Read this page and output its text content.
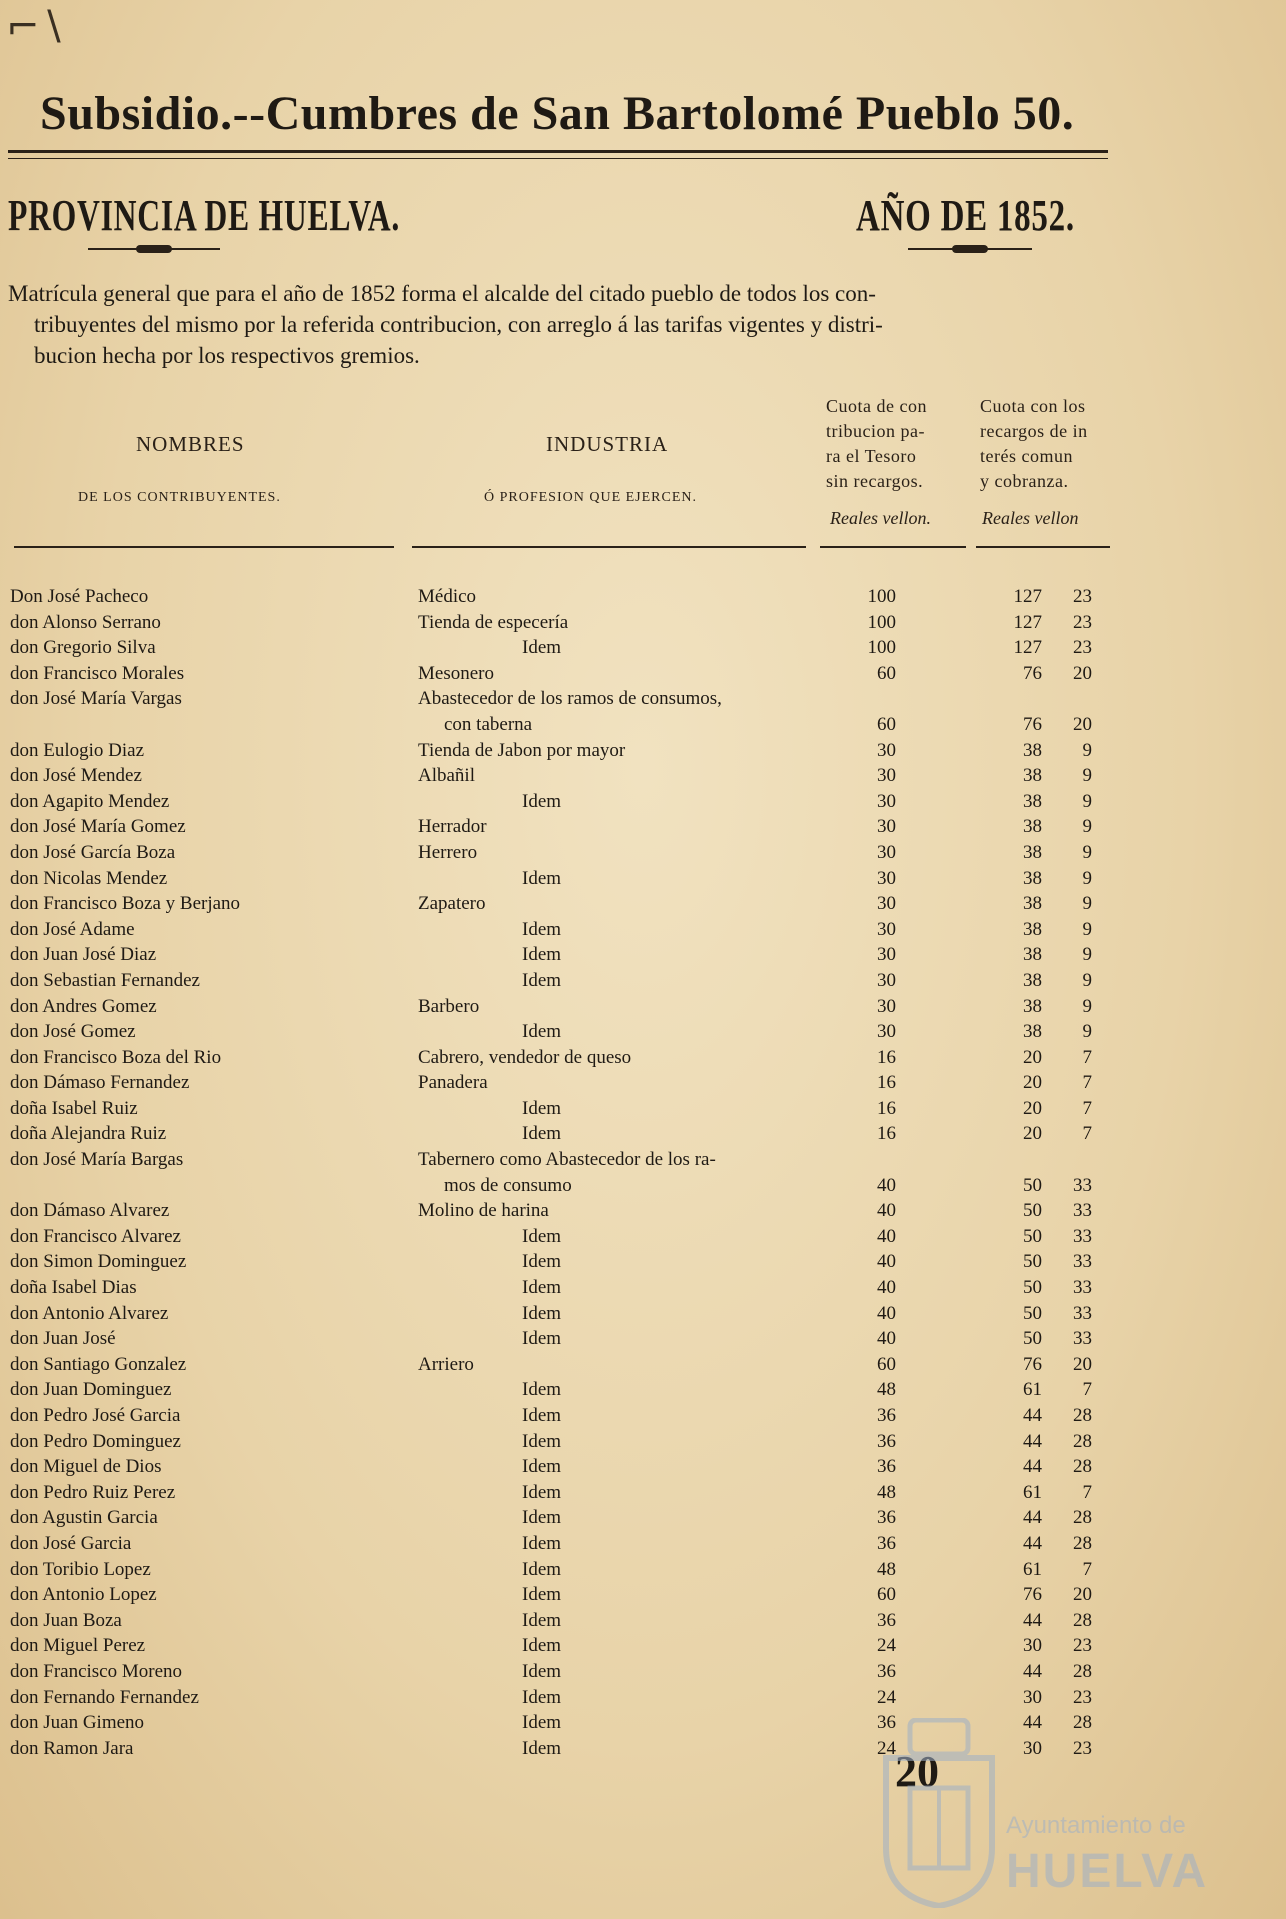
⌐∖
Subsidio.--Cumbres de San Bartolomé Pueblo 50.
PROVINCIA DE HUELVA.	AÑO DE 1852.
Matrícula general que para el año de 1852 forma el alcalde del citado pueblo de todos los con-
tribuyentes del mismo por la referida contribucion, con arreglo á las tarifas vigentes y distri-
bucion hecha por los respectivos gremios.
NOMBRES
DE LOS CONTRIBUYENTES.
INDUSTRIA
Ó PROFESION QUE EJERCEN.
Cuota de con
tribucion pa-
ra el Tesoro
sin recargos.
Reales vellon.
Cuota con los
recargos de in
terés comun
y cobranza.
Reales vellon
Don José Pacheco	Médico	100	127	23
don Alonso Serrano	Tienda de especería	100	127	23
don Gregorio Silva	Idem	100	127	23
don Francisco Morales	Mesonero	60	76	20
don José María Vargas	Abastecedor de los ramos de consumos,
con taberna	60	76	20
don Eulogio Diaz	Tienda de Jabon por mayor	30	38	9
don José Mendez	Albañil	30	38	9
don Agapito Mendez	Idem	30	38	9
don José María Gomez	Herrador	30	38	9
don José García Boza	Herrero	30	38	9
don Nicolas Mendez	Idem	30	38	9
don Francisco Boza y Berjano	Zapatero	30	38	9
don José Adame	Idem	30	38	9
don Juan José Diaz	Idem	30	38	9
don Sebastian Fernandez	Idem	30	38	9
don Andres Gomez	Barbero	30	38	9
don José Gomez	Idem	30	38	9
don Francisco Boza del Rio	Cabrero, vendedor de queso	16	20	7
don Dámaso Fernandez	Panadera	16	20	7
doña Isabel Ruiz	Idem	16	20	7
doña Alejandra Ruiz	Idem	16	20	7
don José María Bargas	Tabernero como Abastecedor de los ra-
mos de consumo	40	50	33
don Dámaso Alvarez	Molino de harina	40	50	33
don Francisco Alvarez	Idem	40	50	33
don Simon Dominguez	Idem	40	50	33
doña Isabel Dias	Idem	40	50	33
don Antonio Alvarez	Idem	40	50	33
don Juan José	Idem	40	50	33
don Santiago Gonzalez	Arriero	60	76	20
don Juan Dominguez	Idem	48	61	7
don Pedro José Garcia	Idem	36	44	28
don Pedro Dominguez	Idem	36	44	28
don Miguel de Dios	Idem	36	44	28
don Pedro Ruiz Perez	Idem	48	61	7
don Agustin Garcia	Idem	36	44	28
don José Garcia	Idem	36	44	28
don Toribio Lopez	Idem	48	61	7
don Antonio Lopez	Idem	60	76	20
don Juan Boza	Idem	36	44	28
don Miguel Perez	Idem	24	30	23
don Francisco Moreno	Idem	36	44	28
don Fernando Fernandez	Idem	24	30	23
don Juan Gimeno	Idem	36	44	28
don Ramon Jara	Idem	24	30	23
20
Ayuntamiento de
HUELVA
